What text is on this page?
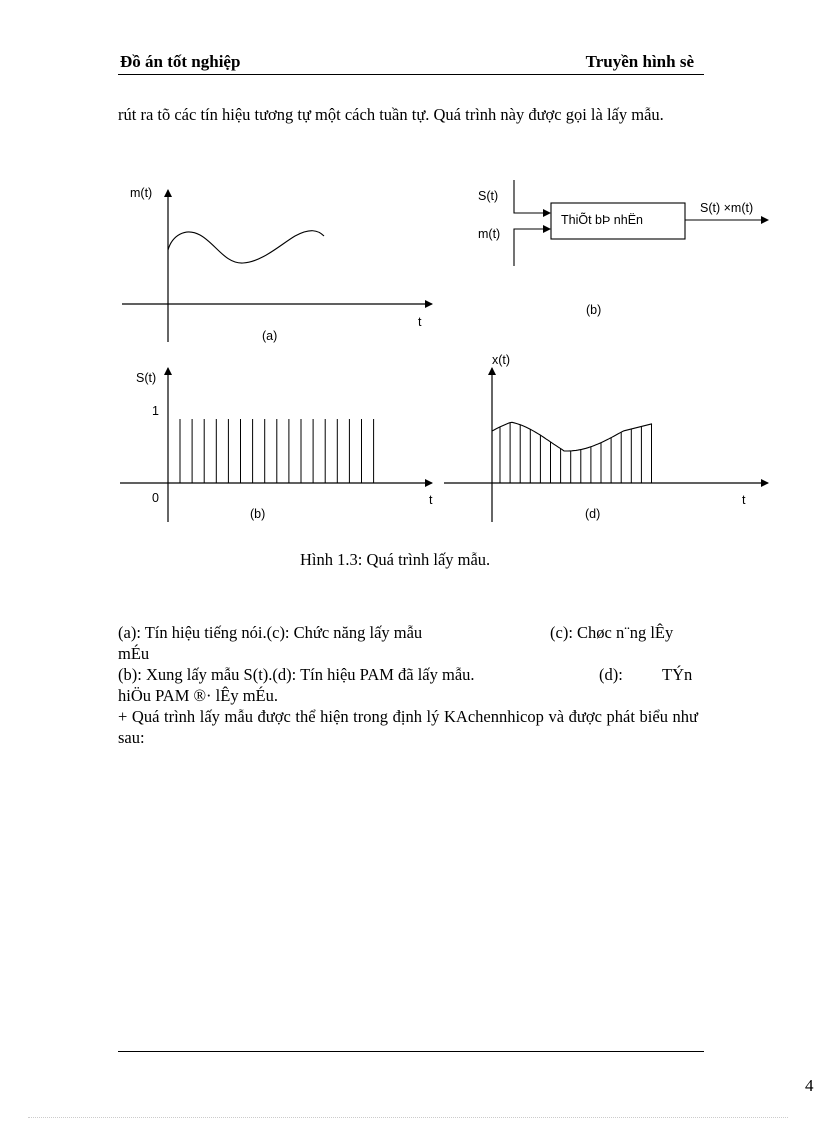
Đồ án tốt nghiệp	Truyền hình sè
rút ra tõ các tín hiệu tương tự một cách tuần tự. Quá trình này được gọi là lấy mẫu.
m(t)
t
(a)
ThiÕt bÞ nhËn
S(t)
m(t)
S(t) ×m(t)
(b)
S(t)
1
0	t
(b)
x(t)
t
(d)
Hình 1.3: Quá trình lấy mẫu.
(a): Tín hiệu tiếng nói.(c): Chức năng lấy mẫu	(c): Chøc n¨ng lÊy
mÉu
(b): Xung lấy mẫu S(t).(d): Tín hiệu PAM đã lấy mẫu.	(d): TÝn
hiÖu PAM ®· lÊy mÉu.
+ Quá trình lấy mẫu được thể hiện trong định lý KAchennhicop và được phát biểu như sau:
4
